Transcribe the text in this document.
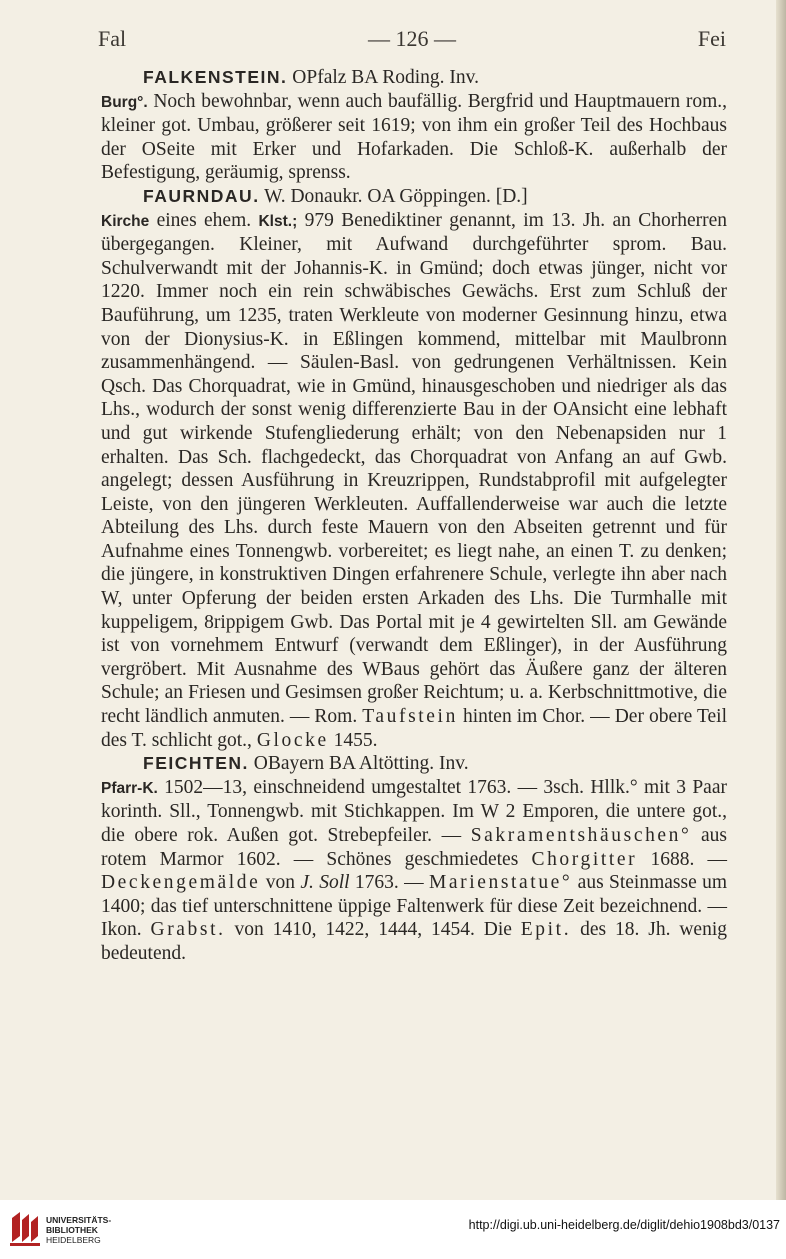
Fal	— 126 —	Fei

FALKENSTEIN. OPfalz BA Roding. Inv.

Burg°. Noch bewohnbar, wenn auch baufällig. Bergfrid und Hauptmauern rom., kleiner got. Umbau, größerer seit 1619; von ihm ein großer Teil des Hochbaus der OSeite mit Erker und Hofarkaden. Die Schloß-K. außerhalb der Befestigung, geräumig, sprenss.

FAURNDAU. W. Donaukr. OA Göppingen. [D.]

Kirche eines ehem. Klst.; 979 Benediktiner genannt, im 13. Jh. an Chorherren übergegangen. Kleiner, mit Aufwand durchgeführter sprom. Bau. Schulverwandt mit der Johannis-K. in Gmünd; doch etwas jünger, nicht vor 1220. Immer noch ein rein schwäbisches Gewächs. Erst zum Schluß der Bauführung, um 1235, traten Werkleute von moderner Gesinnung hinzu, etwa von der Dionysius-K. in Eßlingen kommend, mittelbar mit Maulbronn zusammenhängend. — Säulen-Basl. von gedrungenen Verhältnissen. Kein Qsch. Das Chorquadrat, wie in Gmünd, hinausgeschoben und niedriger als das Lhs., wodurch der sonst wenig differenzierte Bau in der OAnsicht eine lebhaft und gut wirkende Stufengliederung erhält; von den Nebenapsiden nur 1 erhalten. Das Sch. flachgedeckt, das Chorquadrat von Anfang an auf Gwb. angelegt; dessen Ausführung in Kreuzrippen, Rundstabprofil mit aufgelegter Leiste, von den jüngeren Werkleuten. Auffallenderweise war auch die letzte Abteilung des Lhs. durch feste Mauern von den Abseiten getrennt und für Aufnahme eines Tonnengwb. vorbereitet; es liegt nahe, an einen T. zu denken; die jüngere, in konstruktiven Dingen erfahrenere Schule, verlegte ihn aber nach W, unter Opferung der beiden ersten Arkaden des Lhs. Die Turmhalle mit kuppeligem, 8rippigem Gwb. Das Portal mit je 4 gewirtelten Sll. am Gewände ist von vornehmem Entwurf (verwandt dem Eßlinger), in der Ausführung vergröbert. Mit Ausnahme des WBaus gehört das Äußere ganz der älteren Schule; an Friesen und Gesimsen großer Reichtum; u. a. Kerbschnittmotive, die recht ländlich anmuten. — Rom. Taufstein hinten im Chor. — Der obere Teil des T. schlicht got., Glocke 1455.

FEICHTEN. OBayern BA Altötting. Inv.

Pfarr-K. 1502—13, einschneidend umgestaltet 1763. — 3sch. Hllk.° mit 3 Paar korinth. Sll., Tonnengwb. mit Stichkappen. Im W 2 Emporen, die untere got., die obere rok. Außen got. Strebepfeiler. — Sakramentshäuschen° aus rotem Marmor 1602. — Schönes geschmiedetes Chorgitter 1688. — Deckengemälde von J. Soll 1763. — Marienstatue° aus Steinmasse um 1400; das tief unterschnittene üppige Faltenwerk für diese Zeit bezeichnend. — Ikon. Grabst. von 1410, 1422, 1444, 1454. Die Epit. des 18. Jh. wenig bedeutend.

UNIVERSITÄTS-
BIBLIOTHEK
HEIDELBERG
http://digi.ub.uni-heidelberg.de/diglit/dehio1908bd3/0137
